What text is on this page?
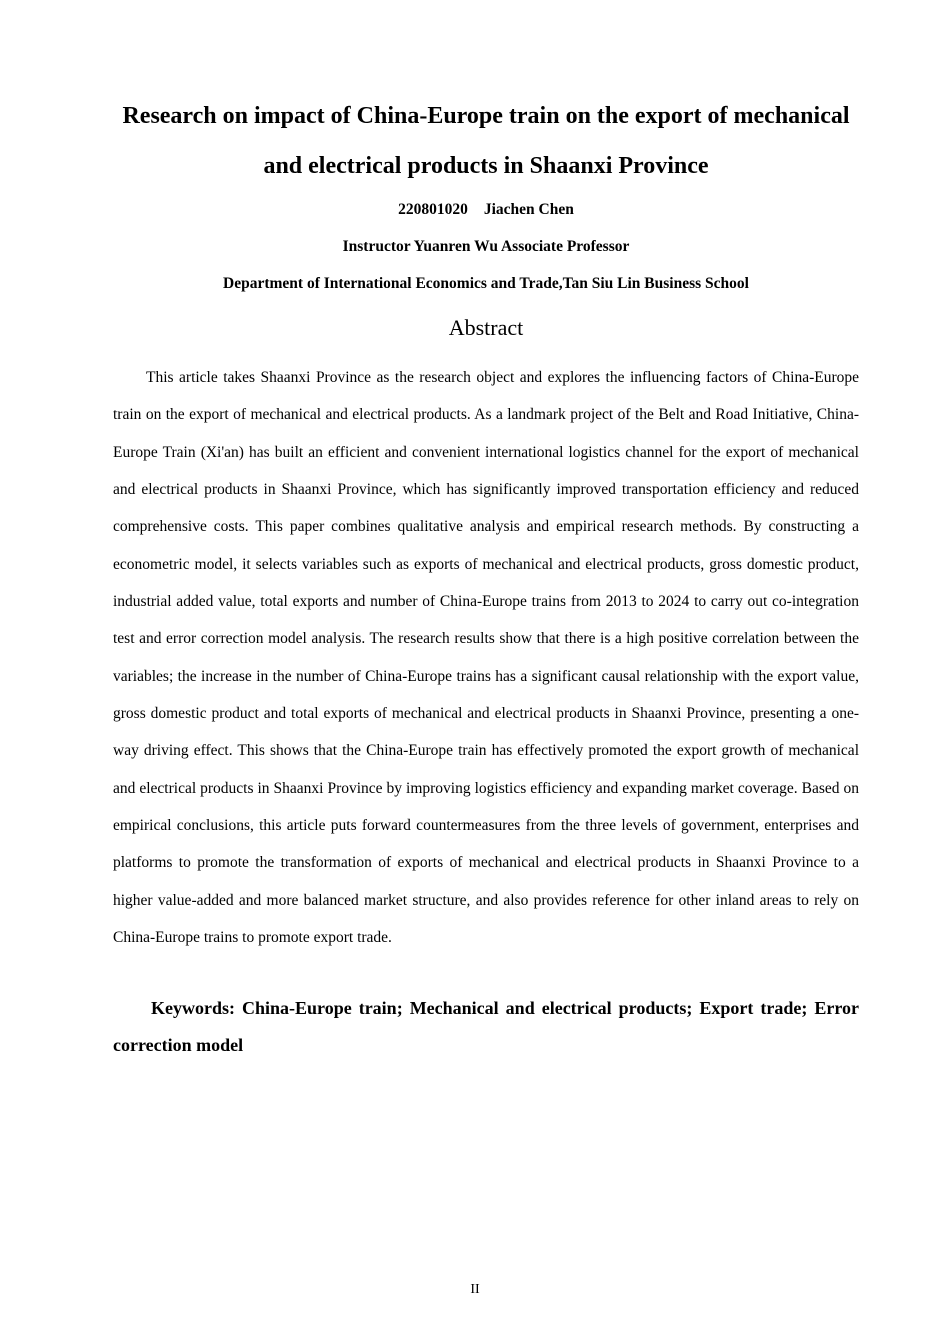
Research on impact of China-Europe train on the export of mechanical
and electrical products in Shaanxi Province

220801020 Jiachen Chen

Instructor Yuanren Wu Associate Professor

Department of International Economics and Trade,Tan Siu Lin Business School

Abstract

This article takes Shaanxi Province as the research object and explores the influencing factors of China-Europe train on the export of mechanical and electrical products. As a landmark project of the Belt and Road Initiative, China-Europe Train (Xi'an) has built an efficient and convenient international logistics channel for the export of mechanical and electrical products in Shaanxi Province, which has significantly improved transportation efficiency and reduced comprehensive costs. This paper combines qualitative analysis and empirical research methods. By constructing a econometric model, it selects variables such as exports of mechanical and electrical products, gross domestic product, industrial added value, total exports and number of China-Europe trains from 2013 to 2024 to carry out co-integration test and error correction model analysis. The research results show that there is a high positive correlation between the variables; the increase in the number of China-Europe trains has a significant causal relationship with the export value, gross domestic product and total exports of mechanical and electrical products in Shaanxi Province, presenting a one-way driving effect. This shows that the China-Europe train has effectively promoted the export growth of mechanical and electrical products in Shaanxi Province by improving logistics efficiency and expanding market coverage. Based on empirical conclusions, this article puts forward countermeasures from the three levels of government, enterprises and platforms to promote the transformation of exports of mechanical and electrical products in Shaanxi Province to a higher value-added and more balanced market structure, and also provides reference for other inland areas to rely on China-Europe trains to promote export trade.

Keywords: China-Europe train; Mechanical and electrical products; Export trade; Error correction model

II
